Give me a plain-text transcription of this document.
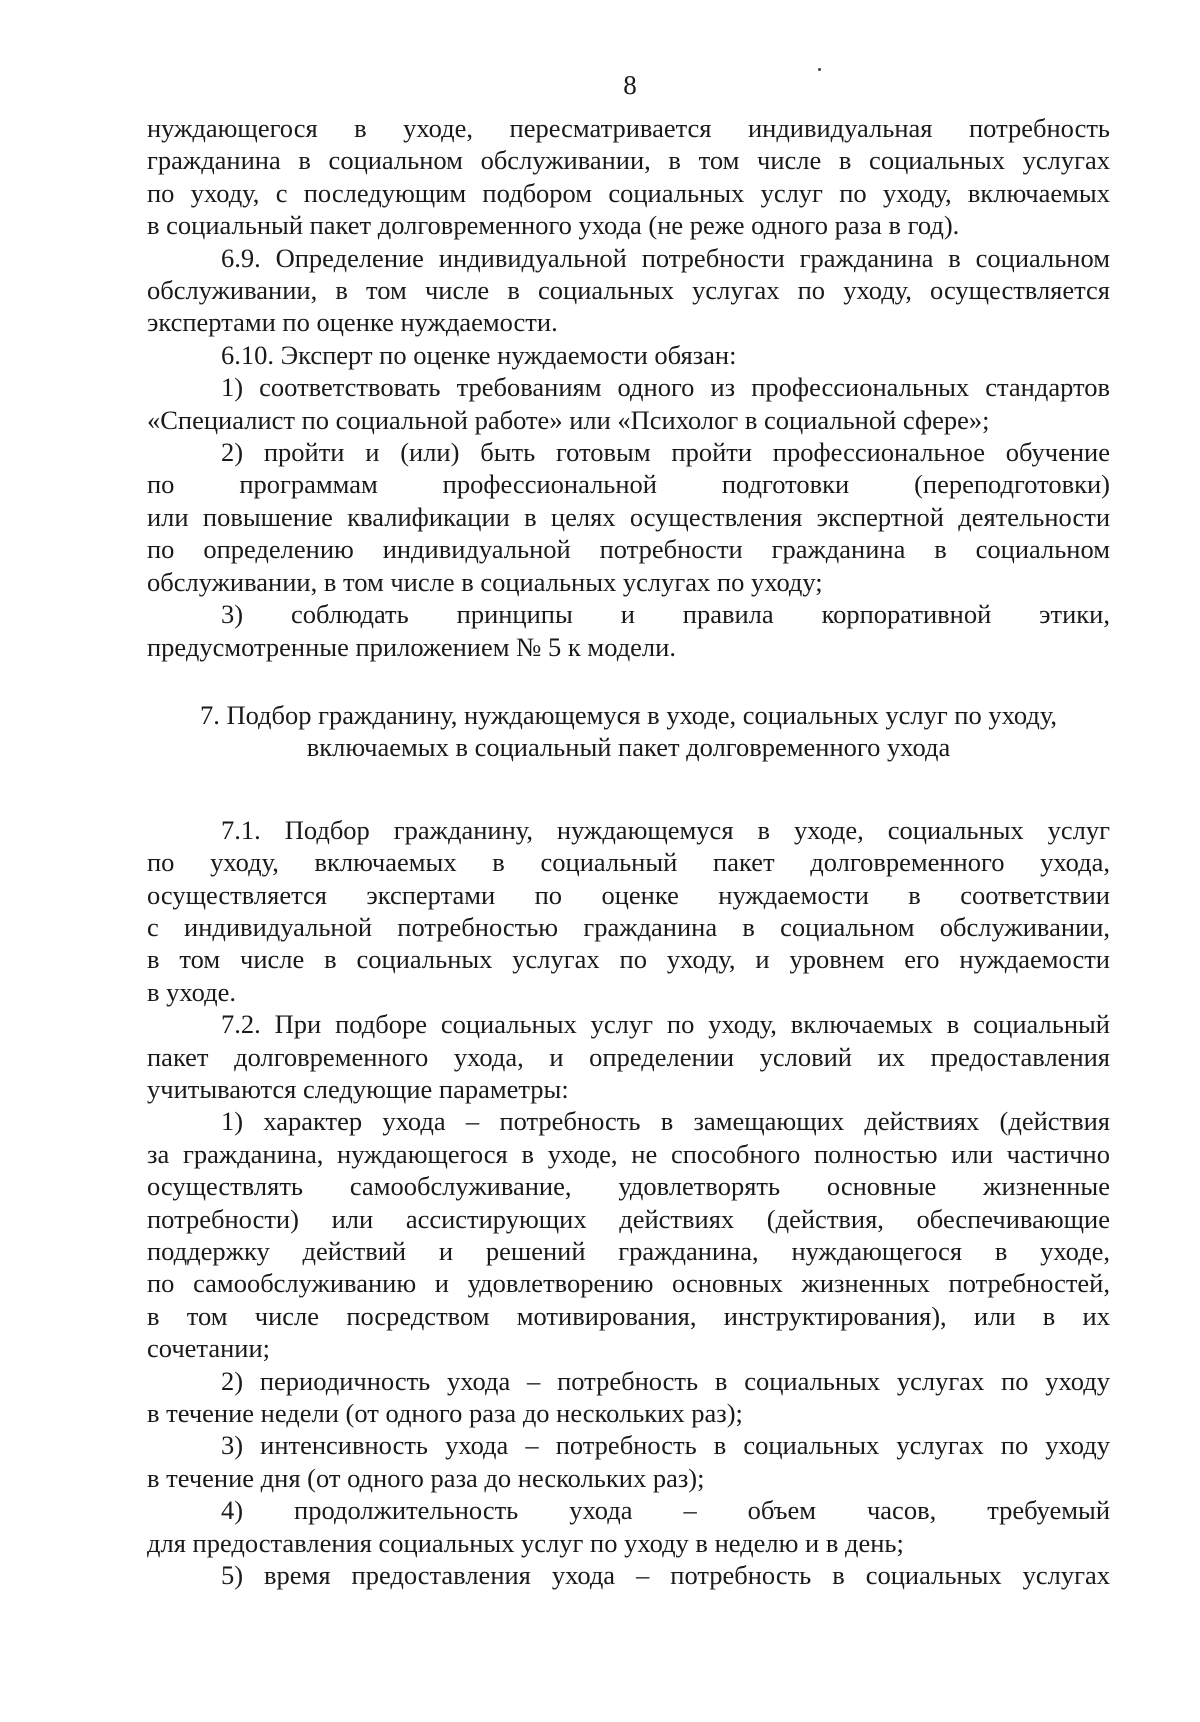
8
нуждающегося в уходе, пересматривается индивидуальная потребность
гражданина в социальном обслуживании, в том числе в социальных услугах
по уходу, с последующим подбором социальных услуг по уходу, включаемых
в социальный пакет долговременного ухода (не реже одного раза в год).
6.9. Определение индивидуальной потребности гражданина в социальном
обслуживании, в том числе в социальных услугах по уходу, осуществляется
экспертами по оценке нуждаемости.
6.10. Эксперт по оценке нуждаемости обязан:
1) соответствовать требованиям одного из профессиональных стандартов
«Специалист по социальной работе» или «Психолог в социальной сфере»;
2) пройти и (или) быть готовым пройти профессиональное обучение
по программам профессиональной подготовки (переподготовки)
или повышение квалификации в целях осуществления экспертной деятельности
по определению индивидуальной потребности гражданина в социальном
обслуживании, в том числе в социальных услугах по уходу;
3) соблюдать принципы и правила корпоративной этики,
предусмотренные приложением № 5 к модели.
7. Подбор гражданину, нуждающемуся в уходе, социальных услуг по уходу,
включаемых в социальный пакет долговременного ухода
7.1. Подбор гражданину, нуждающемуся в уходе, социальных услуг
по уходу, включаемых в социальный пакет долговременного ухода,
осуществляется экспертами по оценке нуждаемости в соответствии
с индивидуальной потребностью гражданина в социальном обслуживании,
в том числе в социальных услугах по уходу, и уровнем его нуждаемости
в уходе.
7.2. При подборе социальных услуг по уходу, включаемых в социальный
пакет долговременного ухода, и определении условий их предоставления
учитываются следующие параметры:
1) характер ухода – потребность в замещающих действиях (действия
за гражданина, нуждающегося в уходе, не способного полностью или частично
осуществлять самообслуживание, удовлетворять основные жизненные
потребности) или ассистирующих действиях (действия, обеспечивающие
поддержку действий и решений гражданина, нуждающегося в уходе,
по самообслуживанию и удовлетворению основных жизненных потребностей,
в том числе посредством мотивирования, инструктирования), или в их
сочетании;
2) периодичность ухода – потребность в социальных услугах по уходу
в течение недели (от одного раза до нескольких раз);
3) интенсивность ухода – потребность в социальных услугах по уходу
в течение дня (от одного раза до нескольких раз);
4) продолжительность ухода – объем часов, требуемый
для предоставления социальных услуг по уходу в неделю и в день;
5) время предоставления ухода – потребность в социальных услугах
